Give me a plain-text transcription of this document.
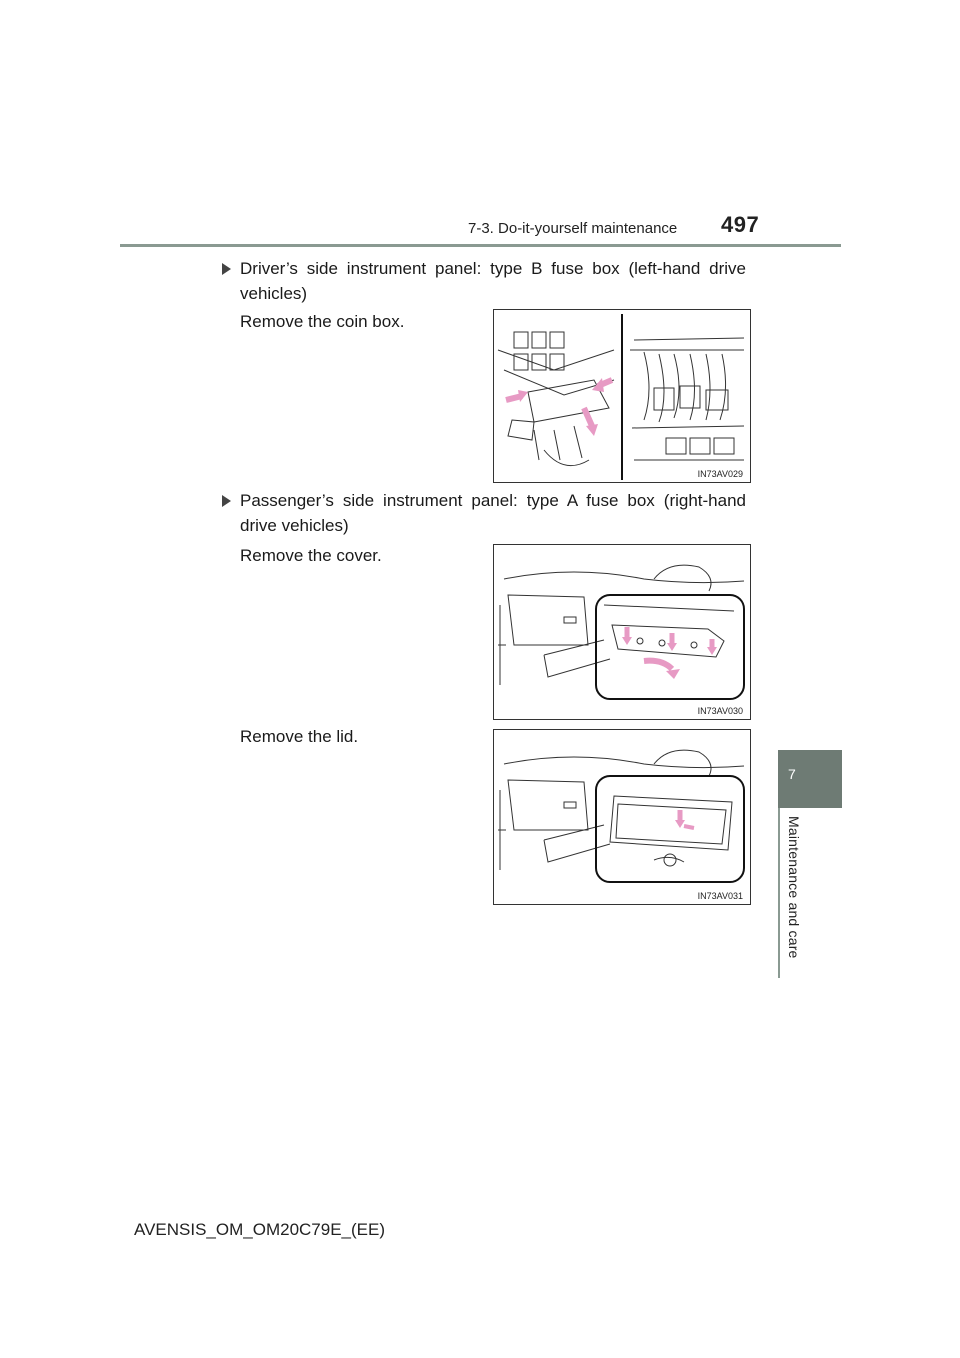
7-3. Do-it-yourself maintenance 497
7
Maintenance and care
Driver’s side instrument panel: type B fuse box (left-hand drive vehicles)
Remove the coin box.
IN73AV029
Passenger’s side instrument panel: type A fuse box (right-hand drive vehicles)
Remove the cover.
IN73AV030
Remove the lid.
IN73AV031
AVENSIS_OM_OM20C79E_(EE)
